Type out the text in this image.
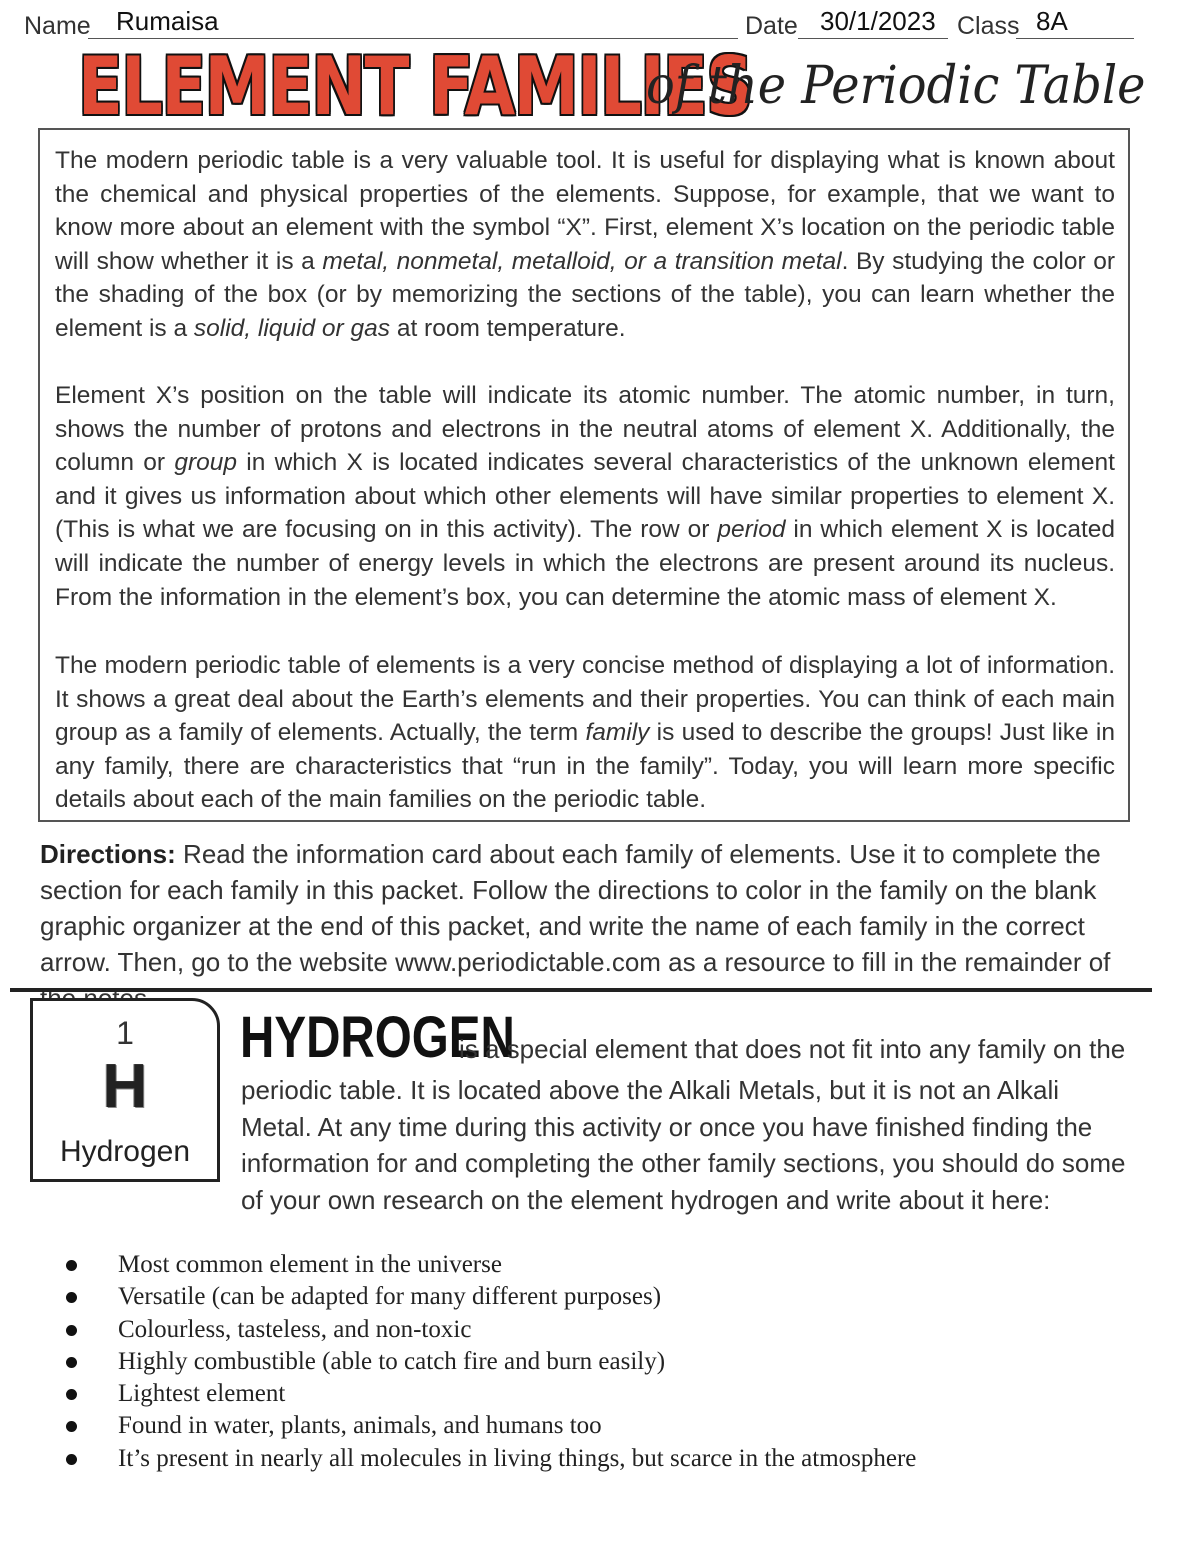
Name Rumaisa	Date 30/1/2023 Class 8A
ELEMENT FAMILIES
of the Periodic Table

The modern periodic table is a very valuable tool. It is useful for displaying what is known about the chemical and physical properties of the elements. Suppose, for example, that we want to know more about an element with the symbol “X”. First, element X’s location on the periodic table will show whether it is a metal, nonmetal, metalloid, or a transition metal. By studying the color or the shading of the box (or by memorizing the sections of the table), you can learn whether the element is a solid, liquid or gas at room temperature.

Element X’s position on the table will indicate its atomic number. The atomic number, in turn, shows the number of protons and electrons in the neutral atoms of element X. Additionally, the column or group in which X is located indicates several characteristics of the unknown element and it gives us information about which other elements will have similar properties to element X. (This is what we are focusing on in this activity). The row or period in which element X is located will indicate the number of energy levels in which the electrons are present around its nucleus. From the information in the element’s box, you can determine the atomic mass of element X.

The modern periodic table of elements is a very concise method of displaying a lot of information. It shows a great deal about the Earth’s elements and their properties. You can think of each main group as a family of elements. Actually, the term family is used to describe the groups! Just like in any family, there are characteristics that “run in the family”. Today, you will learn more specific details about each of the main families on the periodic table.

Directions: Read the information card about each family of elements. Use it to complete the section for each family in this packet. Follow the directions to color in the family on the blank graphic organizer at the end of this packet, and write the name of each family in the correct arrow. Then, go to the website www.periodictable.com as a resource to fill in the remainder of

1
H
Hydrogen
HYDROGEN
is a special element that does not fit into any family on the

periodic table. It is located above the Alkali Metals, but it is not an Alkali Metal. At any time during this activity or once you have finished finding the information for and completing the other family sections, you should do some of your own research on the element hydrogen and write about it here:

Most common element in the universe
Versatile (can be adapted for many different purposes)
Colourless, tasteless, and non-toxic
Highly combustible (able to catch fire and burn easily)
Lightest element
Found in water, plants, animals, and humans too
It’s present in nearly all molecules in living things, but scarce in the atmosphere
